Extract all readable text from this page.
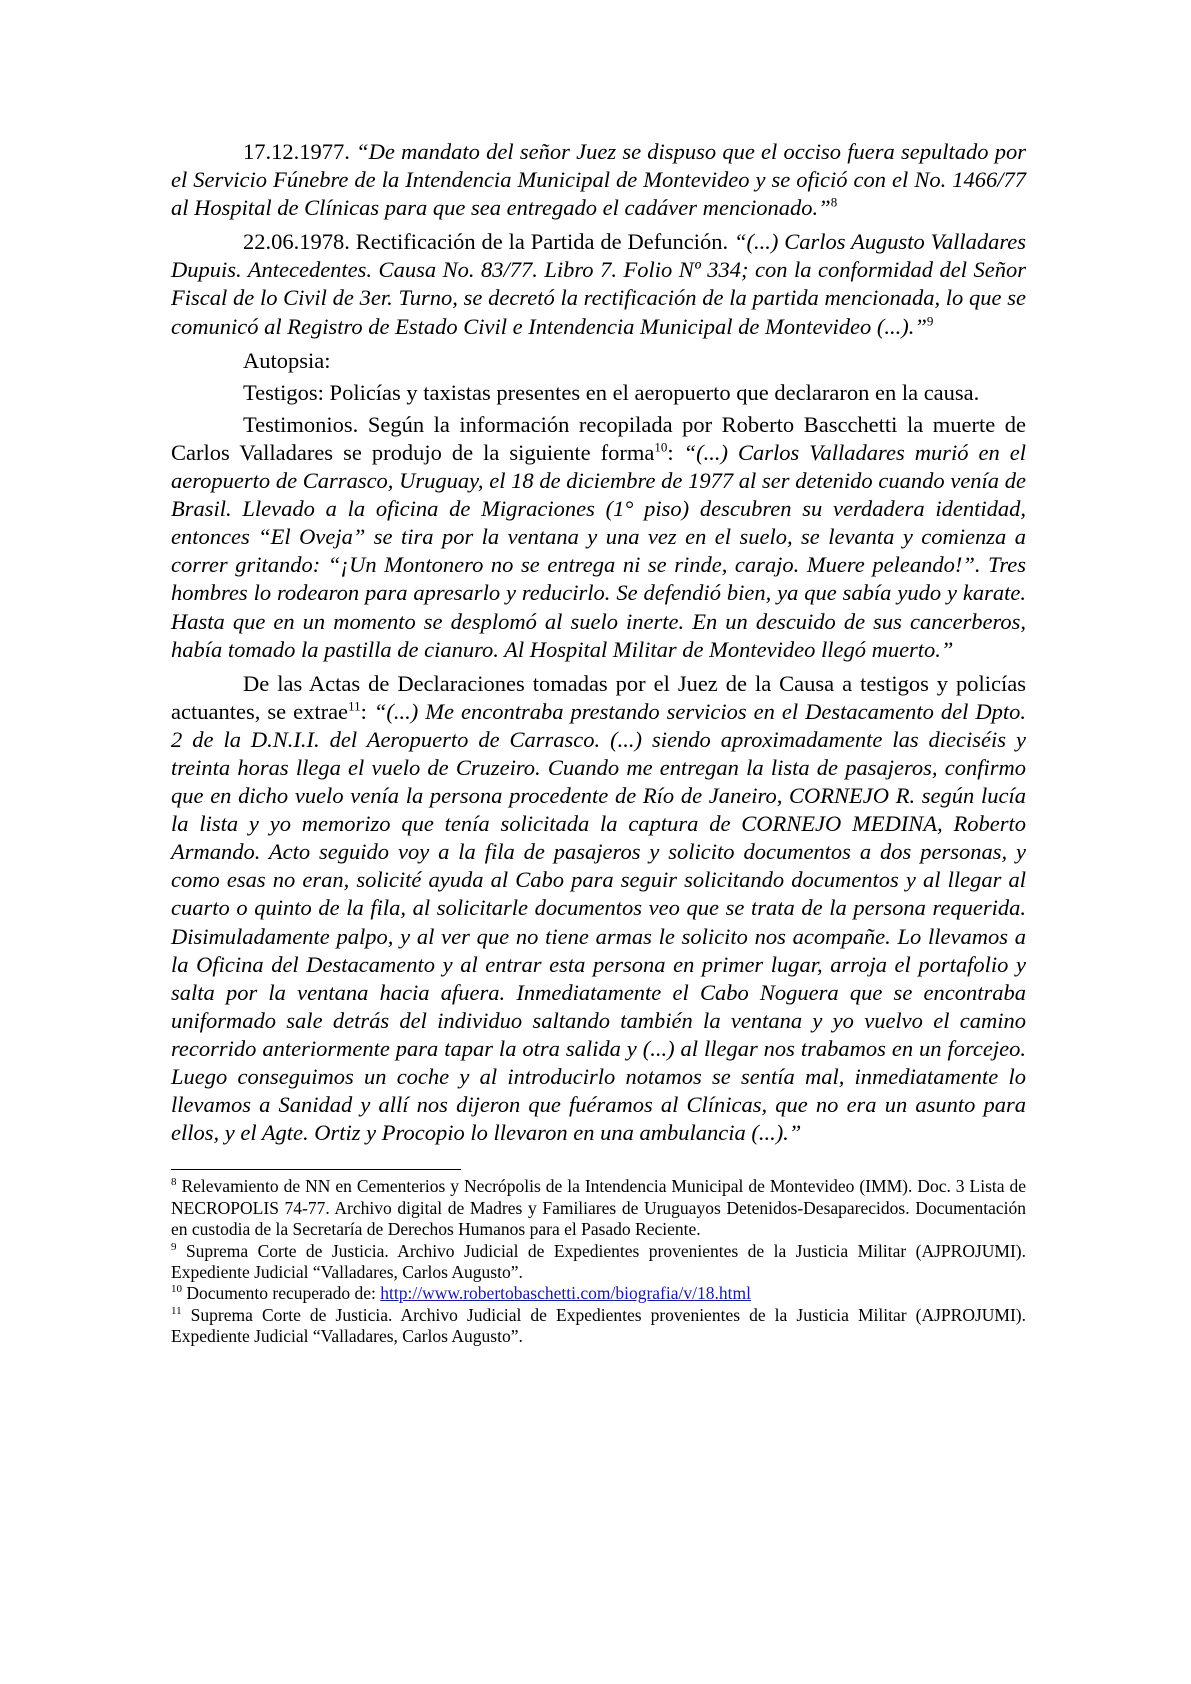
17.12.1977. “De mandato del señor Juez se dispuso que el occiso fuera sepultado por el Servicio Fúnebre de la Intendencia Municipal de Montevideo y se ofició con el No. 1466/77 al Hospital de Clínicas para que sea entregado el cadáver mencionado.”$^8$

22.06.1978. Rectificación de la Partida de Defunción. “(...) Carlos Augusto Valladares Dupuis. Antecedentes. Causa No. 83/77. Libro 7. Folio Nº 334; con la conformidad del Señor Fiscal de lo Civil de 3er. Turno, se decretó la rectificación de la partida mencionada, lo que se comunicó al Registro de Estado Civil e Intendencia Municipal de Montevideo (...).”$^9$

Autopsia:

Testigos: Policías y taxistas presentes en el aeropuerto que declararon en la causa.

Testimonios. Según la información recopilada por Roberto Bascchetti la muerte de Carlos Valladares se produjo de la siguiente forma$^{10}$: “(...) Carlos Valladares murió en el aeropuerto de Carrasco, Uruguay, el 18 de diciembre de 1977 al ser detenido cuando venía de Brasil. Llevado a la oficina de Migraciones (1° piso) descubren su verdadera identidad, entonces “El Oveja” se tira por la ventana y una vez en el suelo, se levanta y comienza a correr gritando: “¡Un Montonero no se entrega ni se rinde, carajo. Muere peleando!”. Tres hombres lo rodearon para apresarlo y reducirlo. Se defendió bien, ya que sabía yudo y karate. Hasta que en un momento se desplomó al suelo inerte. En un descuido de sus cancerberos, había tomado la pastilla de cianuro. Al Hospital Militar de Montevideo llegó muerto.”

De las Actas de Declaraciones tomadas por el Juez de la Causa a testigos y policías actuantes, se extrae$^{11}$: “(...) Me encontraba prestando servicios en el Destacamento del Dpto. 2 de la D.N.I.I. del Aeropuerto de Carrasco. (...) siendo aproximadamente las dieciséis y treinta horas llega el vuelo de Cruzeiro. Cuando me entregan la lista de pasajeros, confirmo que en dicho vuelo venía la persona procedente de Río de Janeiro, CORNEJO R. según lucía la lista y yo memorizo que tenía solicitada la captura de CORNEJO MEDINA, Roberto Armando. Acto seguido voy a la fila de pasajeros y solicito documentos a dos personas, y como esas no eran, solicité ayuda al Cabo para seguir solicitando documentos y al llegar al cuarto o quinto de la fila, al solicitarle documentos veo que se trata de la persona requerida. Disimuladamente palpo, y al ver que no tiene armas le solicito nos acompañe. Lo llevamos a la Oficina del Destacamento y al entrar esta persona en primer lugar, arroja el portafolio y salta por la ventana hacia afuera. Inmediatamente el Cabo Noguera que se encontraba uniformado sale detrás del individuo saltando también la ventana y yo vuelvo el camino recorrido anteriormente para tapar la otra salida y (...) al llegar nos trabamos en un forcejeo. Luego conseguimos un coche y al introducirlo notamos se sentía mal, inmediatamente lo llevamos a Sanidad y allí nos dijeron que fuéramos al Clínicas, que no era un asunto para ellos, y el Agte. Ortiz y Procopio lo llevaron en una ambulancia (...).”

$^8$ Relevamiento de NN en Cementerios y Necrópolis de la Intendencia Municipal de Montevideo (IMM). Doc. 3 Lista de NECROPOLIS 74-77. Archivo digital de Madres y Familiares de Uruguayos Detenidos-Desaparecidos. Documentación en custodia de la Secretaría de Derechos Humanos para el Pasado Reciente.

$^9$ Suprema Corte de Justicia. Archivo Judicial de Expedientes provenientes de la Justicia Militar (AJPROJUMI). Expediente Judicial “Valladares, Carlos Augusto”.

$^{10}$ Documento recuperado de: http://www.robertobaschetti.com/biografia/v/18.html

$^{11}$ Suprema Corte de Justicia. Archivo Judicial de Expedientes provenientes de la Justicia Militar (AJPROJUMI). Expediente Judicial “Valladares, Carlos Augusto”.
